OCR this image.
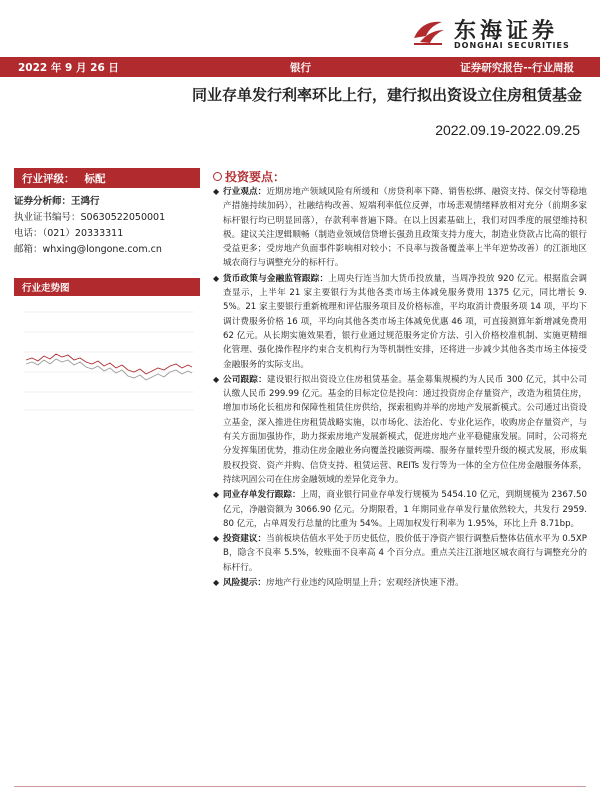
东海证券
DONGHAI SECURITIES
2022 年 9 月 26 日	银行	证券研究报告--行业周报
同业存单发行利率环比上行，建行拟出资设立住房租赁基金
2022.09.19-2022.09.25
行业评级： 标配
证券分析师：王鸿行
执业证书编号：S0630522050001
电话：（021）20333311
邮箱：whxing@longone.com.cn
行业走势图
投资要点：
◆ 行业观点：近期房地产领域风险有所缓和（房贷利率下降、销售松绑、融资支持、保交付等稳地产措施持续加码），社融结构改善、短端利率低位反弹，市场悲观情绪释放相对充分（前期多家标杆银行均已明显回落），存款利率普遍下降。在以上因素基础上，我们对四季度的展望维持积极。建议关注逻辑顺畅（制造业领域信贷增长强劲且政策支持力度大，制造业贷款占比高的银行受益更多；受房地产负面事件影响相对较小；不良率与拨备覆盖率上半年逆势改善）的江浙地区城农商行与调整充分的标杆行。
◆ 货币政策与金融监管跟踪：上周央行连当加大货币投放量，当周净投放 920 亿元。根据监会调查显示，上半年 21 家主要银行为其他各类市场主体减免服务费用 1375 亿元，同比增长 9.5%。21 家主要银行重新梳理和评估服务项目及价格标准，平均取消计费服务项 14 项，平均下调计费服务价格 16 项，平均向其他各类市场主体减免优惠 46 项，可直接测算年新增减免费用 62 亿元。从长期实施效果看，银行业通过规范服务定价方法、引入价格校准机制、实施更精细化管理、强化操作程序约束合支机构行为等机制性安排，还将进一步减少其他各类市场主体接受金融服务的实际支出。
◆ 公司跟踪：建设银行拟出资设立住房租赁基金。基金募集规模约为人民币 300 亿元，其中公司认缴人民币 299.99 亿元。基金的目标定位是投向：通过投资房企存量资产，改造为租赁住房，增加市场化长租房和保障性租赁住房供给，探索租购并举的房地产发展新模式。公司通过出资设立基金，深入推进住房租赁战略实施，以市场化、法治化、专业化运作，收购房企存量资产，与有关方面加强协作，助力探索房地产发展新模式，促进房地产业平稳健康发展。同时，公司将充分发挥集团优势，推动住房金融业务向覆盖投融资两端、服务存量转型升级的模式发展，形成集股权投资、资产并购、信贷支持、租赁运营、REITs 发行等为一体的全方位住房金融服务体系，持续巩固公司在住房金融领域的差异化竞争力。
◆ 同业存单发行跟踪：上周，商业银行同业存单发行规模为 5454.10 亿元，到期规模为 2367.50 亿元，净融资额为 3066.90 亿元。分期限看，1 年期同业存单发行量依然较大，共发行 2959.80 亿元，占单周发行总量的比重为 54%。上周加权发行利率为 1.95%，环比上升 8.71bp。
◆ 投资建议：当前板块估值水平处于历史低位，股价低于净资产银行调整后整体估值水平为 0.5XPB，隐含不良率 5.5%，较账面不良率高 4 个百分点。重点关注江浙地区城农商行与调整充分的标杆行。
◆ 风险提示：房地产行业违约风险明显上升；宏观经济快速下滑。
